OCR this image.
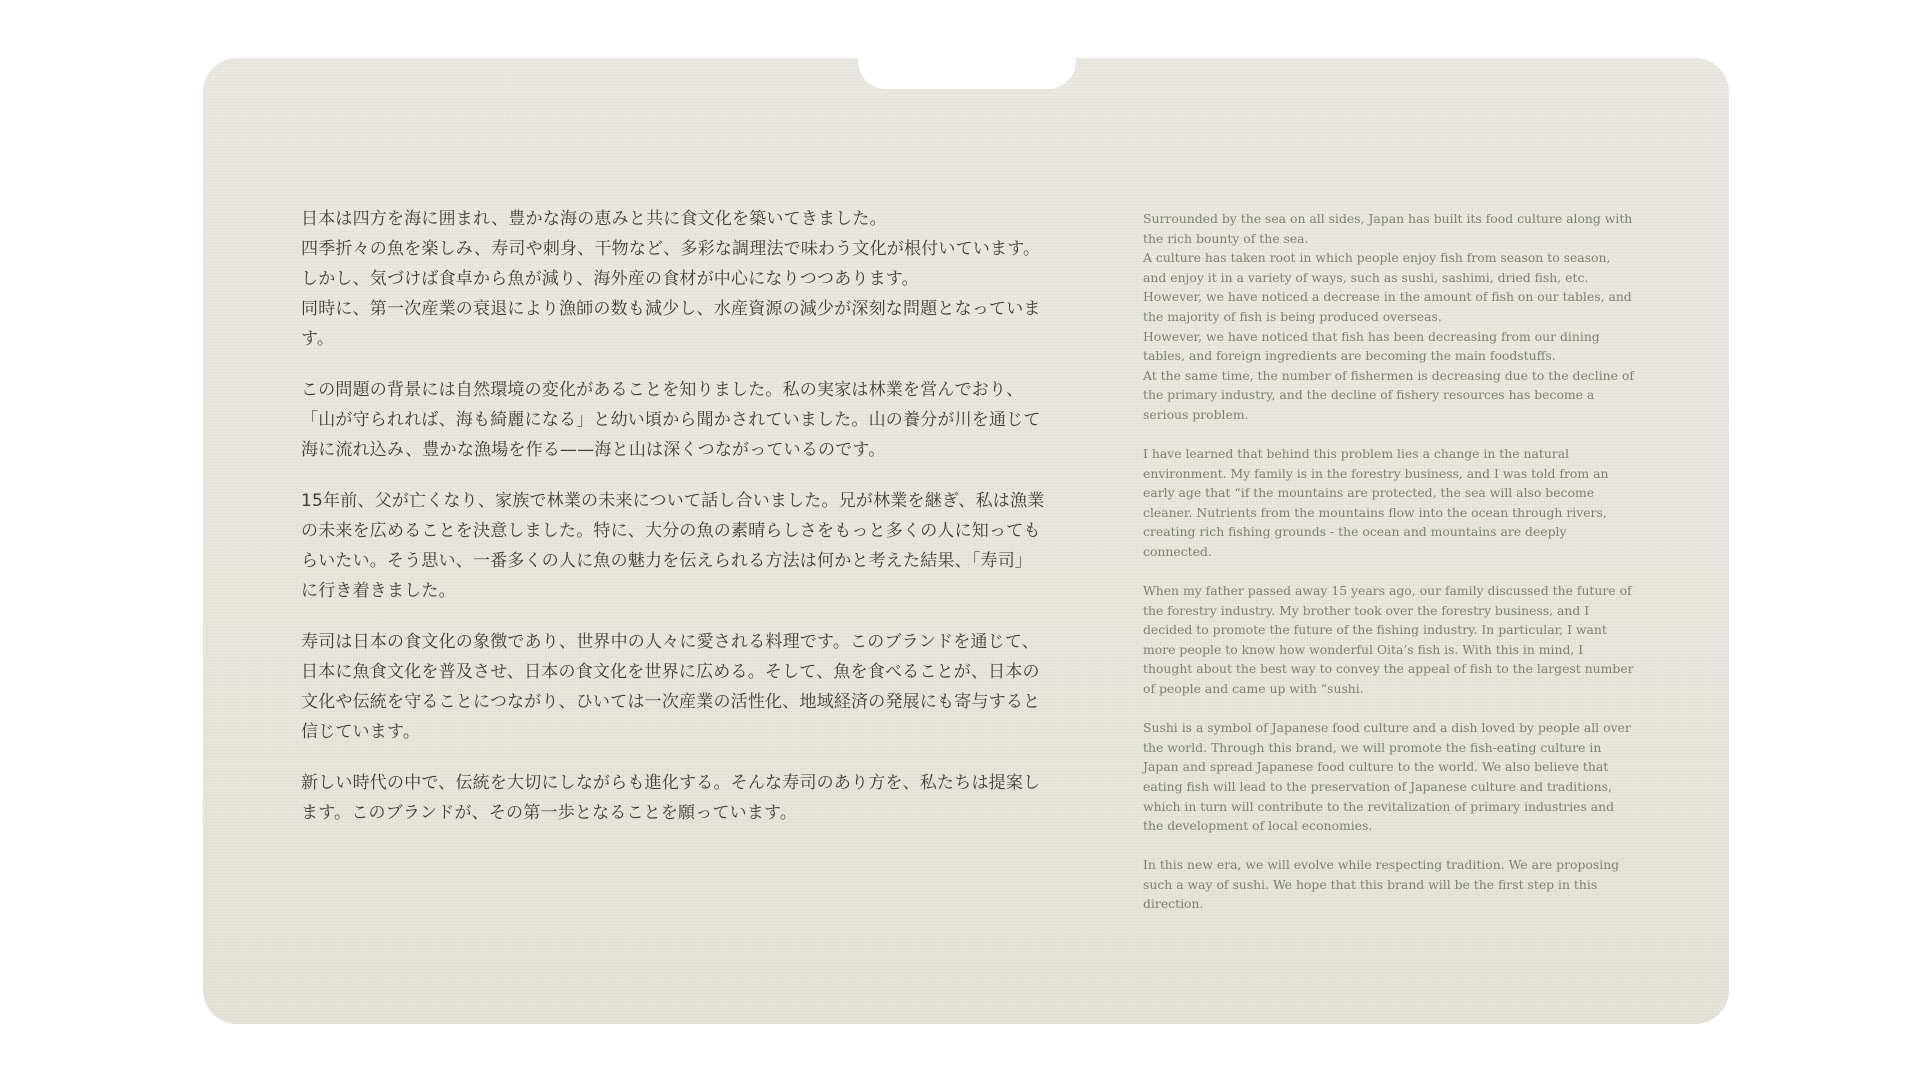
日本は四方を海に囲まれ、豊かな海の恵みと共に食文化を築いてきました。
四季折々の魚を楽しみ、寿司や刺身、干物など、多彩な調理法で味わう文化が根付いています。
しかし、気づけば食卓から魚が減り、海外産の食材が中心になりつつあります。
同時に、第一次産業の衰退により漁師の数も減少し、水産資源の減少が深刻な問題となっています。

この問題の背景には自然環境の変化があることを知りました。私の実家は林業を営んでおり、「山が守られれば、海も綺麗になる」と幼い頃から聞かされていました。山の養分が川を通じて海に流れ込み、豊かな漁場を作る——海と山は深くつながっているのです。

15年前、父が亡くなり、家族で林業の未来について話し合いました。兄が林業を継ぎ、私は漁業の未来を広めることを決意しました。特に、大分の魚の素晴らしさをもっと多くの人に知ってもらいたい。そう思い、一番多くの人に魚の魅力を伝えられる方法は何かと考えた結果、「寿司」に行き着きました。

寿司は日本の食文化の象徴であり、世界中の人々に愛される料理です。このブランドを通じて、日本に魚食文化を普及させ、日本の食文化を世界に広める。そして、魚を食べることが、日本の文化や伝統を守ることにつながり、ひいては一次産業の活性化、地域経済の発展にも寄与すると信じています。

新しい時代の中で、伝統を大切にしながらも進化する。そんな寿司のあり方を、私たちは提案します。このブランドが、その第一歩となることを願っています。

Surrounded by the sea on all sides, Japan has built its food culture along with the rich bounty of the sea.
A culture has taken root in which people enjoy fish from season to season, and enjoy it in a variety of ways, such as sushi, sashimi, dried fish, etc. However, we have noticed a decrease in the amount of fish on our tables, and the majority of fish is being produced overseas.
However, we have noticed that fish has been decreasing from our dining tables, and foreign ingredients are becoming the main foodstuffs.
At the same time, the number of fishermen is decreasing due to the decline of the primary industry, and the decline of fishery resources has become a serious problem.

I have learned that behind this problem lies a change in the natural environment. My family is in the forestry business, and I was told from an early age that “if the mountains are protected, the sea will also become cleaner. Nutrients from the mountains flow into the ocean through rivers, creating rich fishing grounds - the ocean and mountains are deeply connected.

When my father passed away 15 years ago, our family discussed the future of the forestry industry. My brother took over the forestry business, and I decided to promote the future of the fishing industry. In particular, I want more people to know how wonderful Oita’s fish is. With this in mind, I thought about the best way to convey the appeal of fish to the largest number of people and came up with “sushi.

Sushi is a symbol of Japanese food culture and a dish loved by people all over the world. Through this brand, we will promote the fish-eating culture in Japan and spread Japanese food culture to the world. We also believe that eating fish will lead to the preservation of Japanese culture and traditions, which in turn will contribute to the revitalization of primary industries and the development of local economies.

In this new era, we will evolve while respecting tradition. We are proposing such a way of sushi. We hope that this brand will be the first step in this direction.
